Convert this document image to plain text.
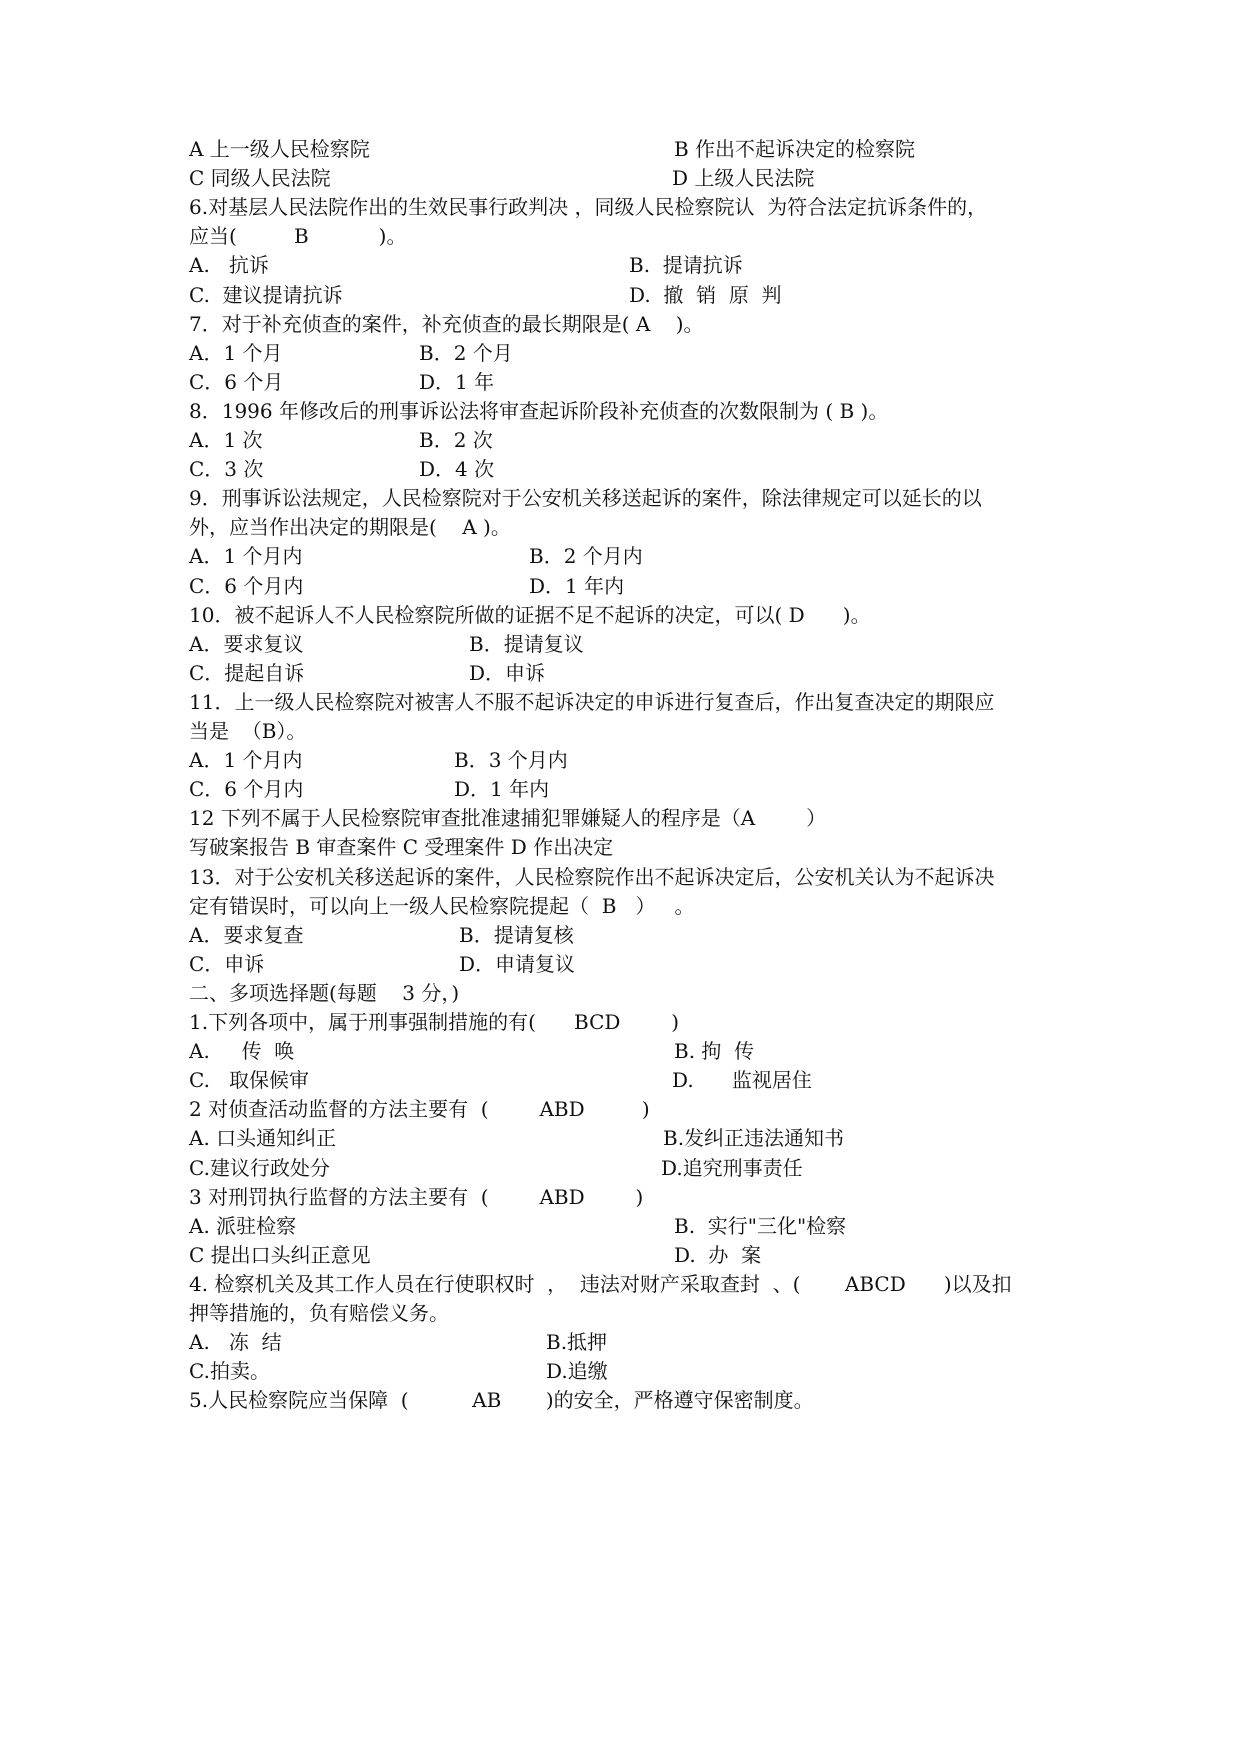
A 上一级人民检察院	B 作出不起诉决定的检察院
C 同级人民法院	D 上级人民法院
6.对基层人民法院作出的生效民事行政判决 ，同级人民检察院认  为符合法定抗诉条件的，
应当(         B           )。
A.   抗诉	B.  提请抗诉
C.  建议提请抗诉	D.  撤  销  原  判
7．对于补充侦查的案件，补充侦查的最长期限是( A    )。
A．1 个月	B．2 个月
C．6 个月	D．1 年
8．1996 年修改后的刑事诉讼法将审查起诉阶段补充侦查的次数限制为 ( B )。
A．1 次	B．2 次
C．3 次	D．4 次
9．刑事诉讼法规定，人民检察院对于公安机关移送起诉的案件，除法律规定可以延长的以
外，应当作出决定的期限是(    A )。
A．1 个月内	B．2 个月内
C．6 个月内	D．1 年内
10．被不起诉人不人民检察院所做的证据不足不起诉的决定，可以( D      )。
A．要求复议	B．提请复议
C．提起自诉	D．申诉
11．上一级人民检察院对被害人不服不起诉决定的申诉进行复查后，作出复查决定的期限应
当是  （B）。
A．1 个月内	B．3 个月内
C．6 个月内	D．1 年内
12 下列不属于人民检察院审查批准逮捕犯罪嫌疑人的程序是（A        ）
写破案报告 B 审查案件 C 受理案件 D 作出决定
13．对于公安机关移送起诉的案件，人民检察院作出不起诉决定后，公安机关认为不起诉决
定有错误时，可以向上一级人民检察院提起（  B   ）   。
A．要求复查	B．提请复核
C．申诉	D．申请复议
二、多项选择题(每题    3 分，)
1.下列各项中，属于刑事强制措施的有(      BCD        )
A.     传  唤	B. 拘  传
C.   取保候审	D.      监视居住
2 对侦查活动监督的方法主要有  (        ABD         )
A. 口头通知纠正	B.发纠正违法通知书
C.建议行政处分	D.追究刑事责任
3 对刑罚执行监督的方法主要有  (        ABD        )
A. 派驻检察	B.  实行"三化"检察
C 提出口头纠正意见	D.  办  案
4. 检察机关及其工作人员在行使职权时  ，  违法对财产采取查封  、(       ABCD      )以及扣
押等措施的，负有赔偿义务。
A.   冻  结	B.抵押
C.拍卖。	D.追缴
5.人民检察院应当保障  (          AB       )的安全，严格遵守保密制度。
